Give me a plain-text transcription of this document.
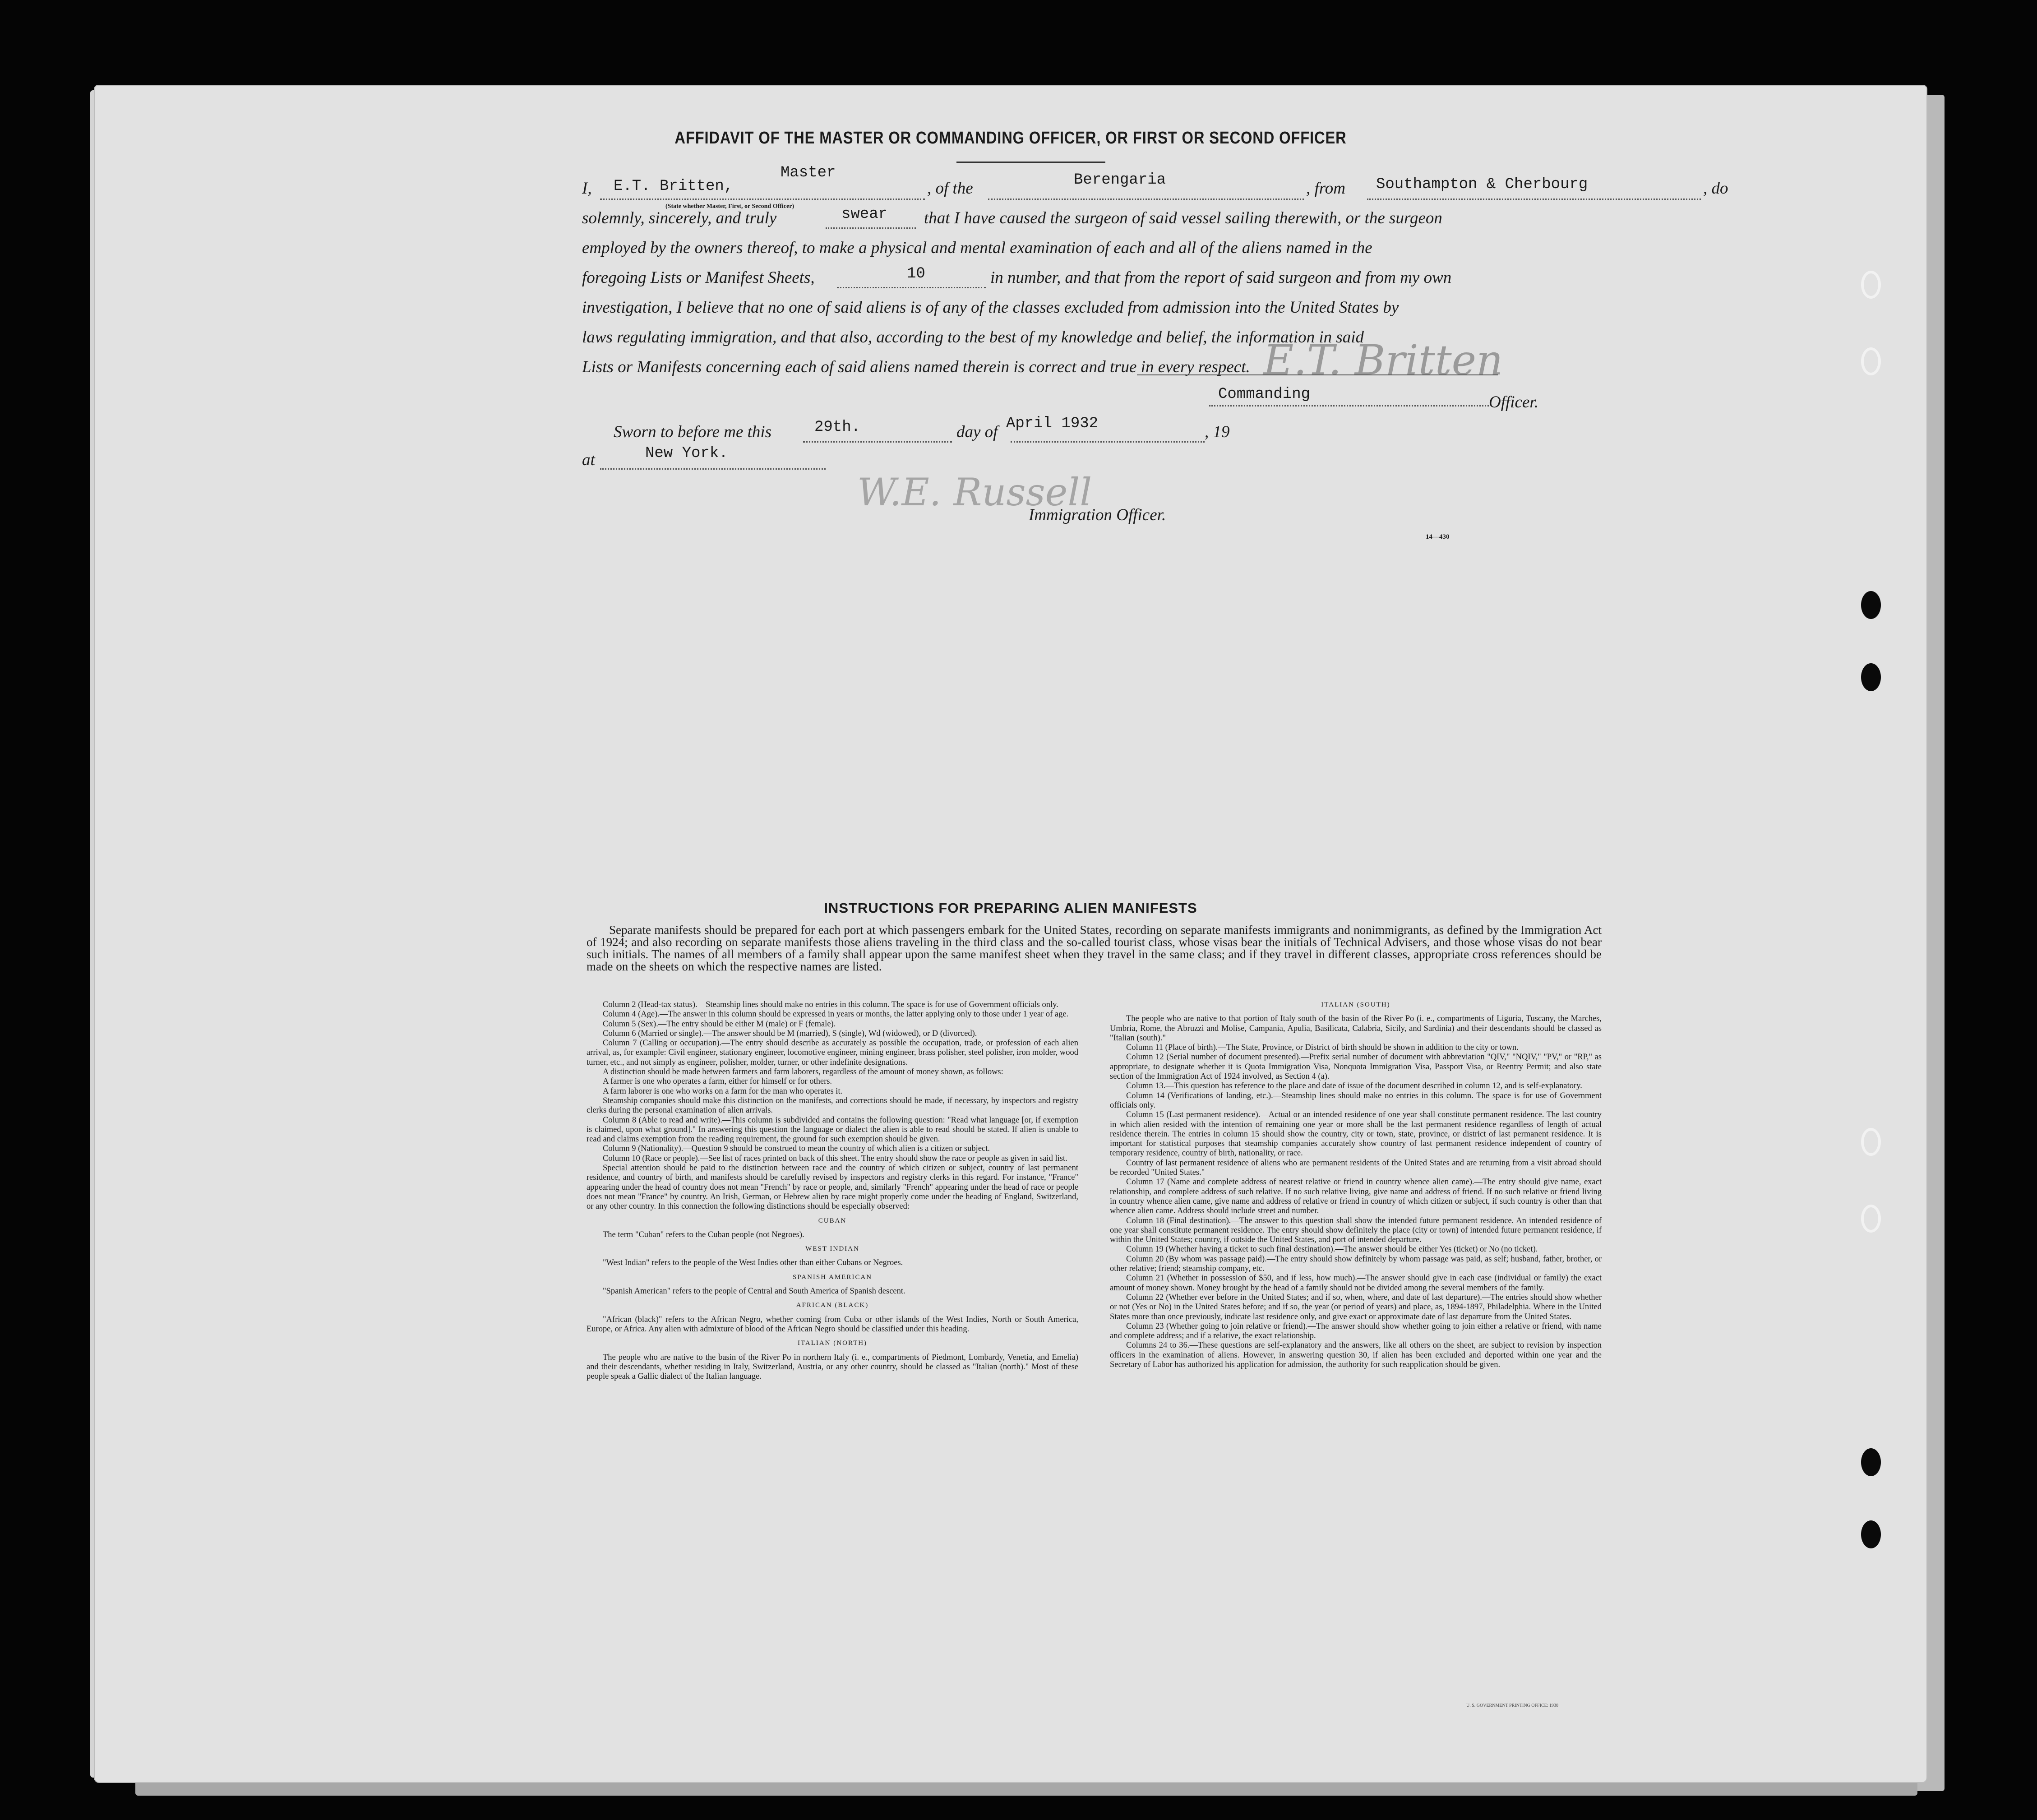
AFFIDAVIT OF THE MASTER OR COMMANDING OFFICER, OR FIRST OR SECOND OFFICER
I, E.T. Britten,
Master
, of the	Berengaria	, from Southampton & Cherbourg	, do
(State whether Master, First, or Second Officer)
solemnly, sincerely, and truly	swear that I have caused the surgeon of said vessel sailing therewith, or the surgeon
employed by the owners thereof, to make a physical and mental examination of each and all of the aliens named in the
foregoing Lists or Manifest Sheets,	10	in number, and that from the report of said surgeon and from my own
investigation, I believe that no one of said aliens is of any of the classes excluded from admission into the United States by
laws regulating immigration, and that also, according to the best of my knowledge and belief, the information in said
Lists or Manifests concerning each of said aliens named therein is correct and true in every respect. E.T. Britten
Commanding	Officer.
Sworn to before me this	29th.	day of April 1932	, 19
at	New York.
W.E. Russell
Immigration Officer.
14—430
INSTRUCTIONS FOR PREPARING ALIEN MANIFESTS
Separate manifests should be prepared for each port at which passengers embark for the United States, recording on separate manifests immigrants and nonimmigrants, as defined by the Immigration Act of 1924; and also recording on separate manifests those aliens traveling in the third class and the so-called tourist class, whose visas bear the initials of Technical Advisers, and those whose visas do not bear such initials. The names of all members of a family shall appear upon the same manifest sheet when they travel in the same class; and if they travel in different classes, appropriate cross references should be made on the sheets on which the respective names are listed.

Column 2 (Head-tax status).—Steamship lines should make no entries in this column. The space is for use of Government officials only.

Column 4 (Age).—The answer in this column should be expressed in years or months, the latter applying only to those under 1 year of age.

Column 5 (Sex).—The entry should be either M (male) or F (female).

Column 6 (Married or single).—The answer should be M (married), S (single), Wd (widowed), or D (divorced).

Column 7 (Calling or occupation).—The entry should describe as accurately as possible the occupation, trade, or profession of each alien arrival, as, for example: Civil engineer, stationary engineer, locomotive engineer, mining engineer, brass polisher, steel polisher, iron molder, wood turner, etc., and not simply as engineer, polisher, molder, turner, or other indefinite designations.

A distinction should be made between farmers and farm laborers, regardless of the amount of money shown, as follows:

A farmer is one who operates a farm, either for himself or for others.

A farm laborer is one who works on a farm for the man who operates it.

Steamship companies should make this distinction on the manifests, and corrections should be made, if necessary, by inspectors and registry clerks during the personal examination of alien arrivals.

Column 8 (Able to read and write).—This column is subdivided and contains the following question: "Read what language [or, if exemption is claimed, upon what ground]." In answering this question the language or dialect the alien is able to read should be stated. If alien is unable to read and claims exemption from the reading requirement, the ground for such exemption should be given.

Column 9 (Nationality).—Question 9 should be construed to mean the country of which alien is a citizen or subject.

Column 10 (Race or people).—See list of races printed on back of this sheet. The entry should show the race or people as given in said list.

Special attention should be paid to the distinction between race and the country of which citizen or subject, country of last permanent residence, and country of birth, and manifests should be carefully revised by inspectors and registry clerks in this regard. For instance, "France" appearing under the head of country does not mean "French" by race or people, and, similarly "French" appearing under the head of race or people does not mean "France" by country. An Irish, German, or Hebrew alien by race might properly come under the heading of England, Switzerland, or any other country. In this connection the following distinctions should be especially observed:

CUBAN

The term "Cuban" refers to the Cuban people (not Negroes).

WEST INDIAN

"West Indian" refers to the people of the West Indies other than either Cubans or Negroes.

SPANISH AMERICAN

"Spanish American" refers to the people of Central and South America of Spanish descent.

AFRICAN (BLACK)

"African (black)" refers to the African Negro, whether coming from Cuba or other islands of the West Indies, North or South America, Europe, or Africa. Any alien with admixture of blood of the African Negro should be classified under this heading.

ITALIAN (NORTH)

The people who are native to the basin of the River Po in northern Italy (i. e., compartments of Piedmont, Lombardy, Venetia, and Emelia) and their descendants, whether residing in Italy, Switzerland, Austria, or any other country, should be classed as "Italian (north)." Most of these people speak a Gallic dialect of the Italian language.

ITALIAN (SOUTH)

The people who are native to that portion of Italy south of the basin of the River Po (i. e., compartments of Liguria, Tuscany, the Marches, Umbria, Rome, the Abruzzi and Molise, Campania, Apulia, Basilicata, Calabria, Sicily, and Sardinia) and their descendants should be classed as "Italian (south)."

Column 11 (Place of birth).—The State, Province, or District of birth should be shown in addition to the city or town.

Column 12 (Serial number of document presented).—Prefix serial number of document with abbreviation "QIV," "NQIV," "PV," or "RP," as appropriate, to designate whether it is Quota Immigration Visa, Nonquota Immigration Visa, Passport Visa, or Reentry Permit; and also state section of the Immigration Act of 1924 involved, as Section 4 (a).

Column 13.—This question has reference to the place and date of issue of the document described in column 12, and is self-explanatory.

Column 14 (Verifications of landing, etc.).—Steamship lines should make no entries in this column. The space is for use of Government officials only.

Column 15 (Last permanent residence).—Actual or an intended residence of one year shall constitute permanent residence. The last country in which alien resided with the intention of remaining one year or more shall be the last permanent residence regardless of length of actual residence therein. The entries in column 15 should show the country, city or town, state, province, or district of last permanent residence. It is important for statistical purposes that steamship companies accurately show country of last permanent residence independent of country of temporary residence, country of birth, nationality, or race.

Country of last permanent residence of aliens who are permanent residents of the United States and are returning from a visit abroad should be recorded "United States."

Column 17 (Name and complete address of nearest relative or friend in country whence alien came).—The entry should give name, exact relationship, and complete address of such relative. If no such relative living, give name and address of friend. If no such relative or friend living in country whence alien came, give name and address of relative or friend in country of which citizen or subject, if such country is other than that whence alien came. Address should include street and number.

Column 18 (Final destination).—The answer to this question shall show the intended future permanent residence. An intended residence of one year shall constitute permanent residence. The entry should show definitely the place (city or town) of intended future permanent residence, if within the United States; country, if outside the United States, and port of intended departure.

Column 19 (Whether having a ticket to such final destination).—The answer should be either Yes (ticket) or No (no ticket).

Column 20 (By whom was passage paid).—The entry should show definitely by whom passage was paid, as self; husband, father, brother, or other relative; friend; steamship company, etc.

Column 21 (Whether in possession of $50, and if less, how much).—The answer should give in each case (individual or family) the exact amount of money shown. Money brought by the head of a family should not be divided among the several members of the family.

Column 22 (Whether ever before in the United States; and if so, when, where, and date of last departure).—The entries should show whether or not (Yes or No) in the United States before; and if so, the year (or period of years) and place, as, 1894-1897, Philadelphia. Where in the United States more than once previously, indicate last residence only, and give exact or approximate date of last departure from the United States.

Column 23 (Whether going to join relative or friend).—The answer should show whether going to join either a relative or friend, with name and complete address; and if a relative, the exact relationship.

Columns 24 to 36.—These questions are self-explanatory and the answers, like all others on the sheet, are subject to revision by inspection officers in the examination of aliens. However, in answering question 30, if alien has been excluded and deported within one year and the Secretary of Labor has authorized his application for admission, the authority for such reapplication should be given.

U. S. GOVERNMENT PRINTING OFFICE: 1930
